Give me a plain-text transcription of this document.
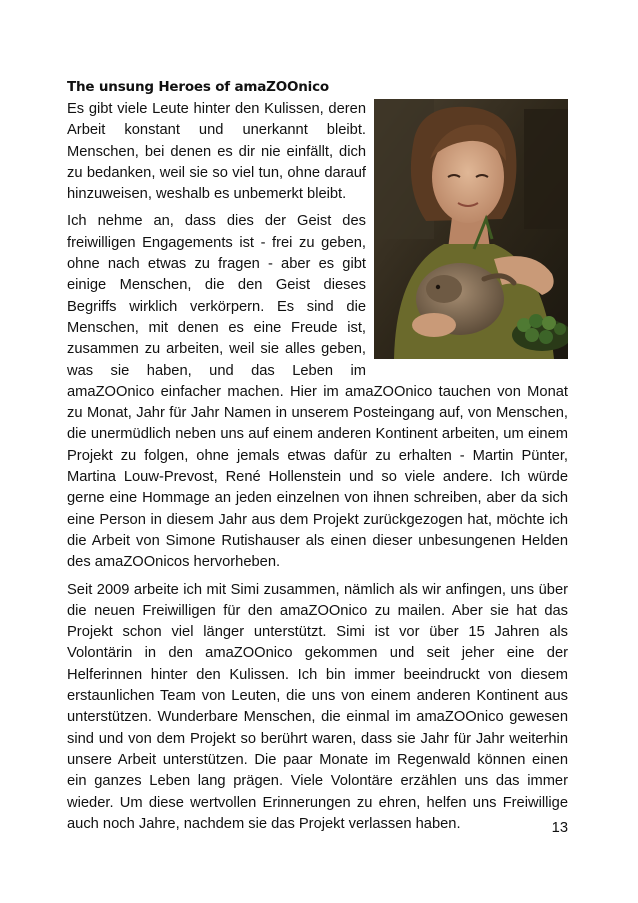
The unsung Heroes of amaZOOnico

Es gibt viele Leute hinter den Kulissen, deren Arbeit konstant und unerkannt bleibt. Menschen, bei denen es dir nie einfällt, dich zu bedanken, weil sie so viel tun, ohne darauf hinzuweisen, weshalb es unbemerkt bleibt.

Ich nehme an, dass dies der Geist des freiwilligen Engagements ist - frei zu geben, ohne nach etwas zu fragen - aber es gibt einige Menschen, die den Geist dieses Begriffs wirklich verkörpern. Es sind die Menschen, mit denen es eine Freude ist, zusammen zu arbeiten, weil sie alles geben, was sie haben, und das Leben im amaZOOnico einfacher machen. Hier im amaZOOnico tauchen von Monat zu Monat, Jahr für Jahr Namen in unserem Posteingang auf, von Menschen, die unermüdlich neben uns auf einem anderen Kontinent arbeiten, um einem Projekt zu folgen, ohne jemals etwas dafür zu erhalten - Martin Pünter, Martina Louw-Prevost, René Hollenstein und so viele andere. Ich würde gerne eine Hommage an jeden einzelnen von ihnen schreiben, aber da sich eine Person in diesem Jahr aus dem Projekt zurückgezogen hat, möchte ich die Arbeit von Simone Rutishauser als einen dieser unbesungenen Helden des amaZOOnicos hervorheben.

Seit 2009 arbeite ich mit Simi zusammen, nämlich als wir anfingen, uns über die neuen Freiwilligen für den amaZOOnico zu mailen. Aber sie hat das Projekt schon viel länger unterstützt. Simi ist vor über 15 Jahren als Volontärin in den amaZOOnico gekommen und seit jeher eine der Helferinnen hinter den Kulissen. Ich bin immer beeindruckt von diesem erstaunlichen Team von Leuten, die uns von einem anderen Kontinent aus unterstützen. Wunderbare Menschen, die einmal im amaZOOnico gewesen sind und von dem Projekt so berührt waren, dass sie Jahr für Jahr weiterhin unsere Arbeit unterstützen. Die paar Monate im Regenwald können einen ein ganzes Leben lang prägen. Viele Volontäre erzählen uns das immer wieder. Um diese wertvollen Erinnerungen zu ehren, helfen uns Freiwillige auch noch Jahre, nachdem sie das Projekt verlassen haben.	13
